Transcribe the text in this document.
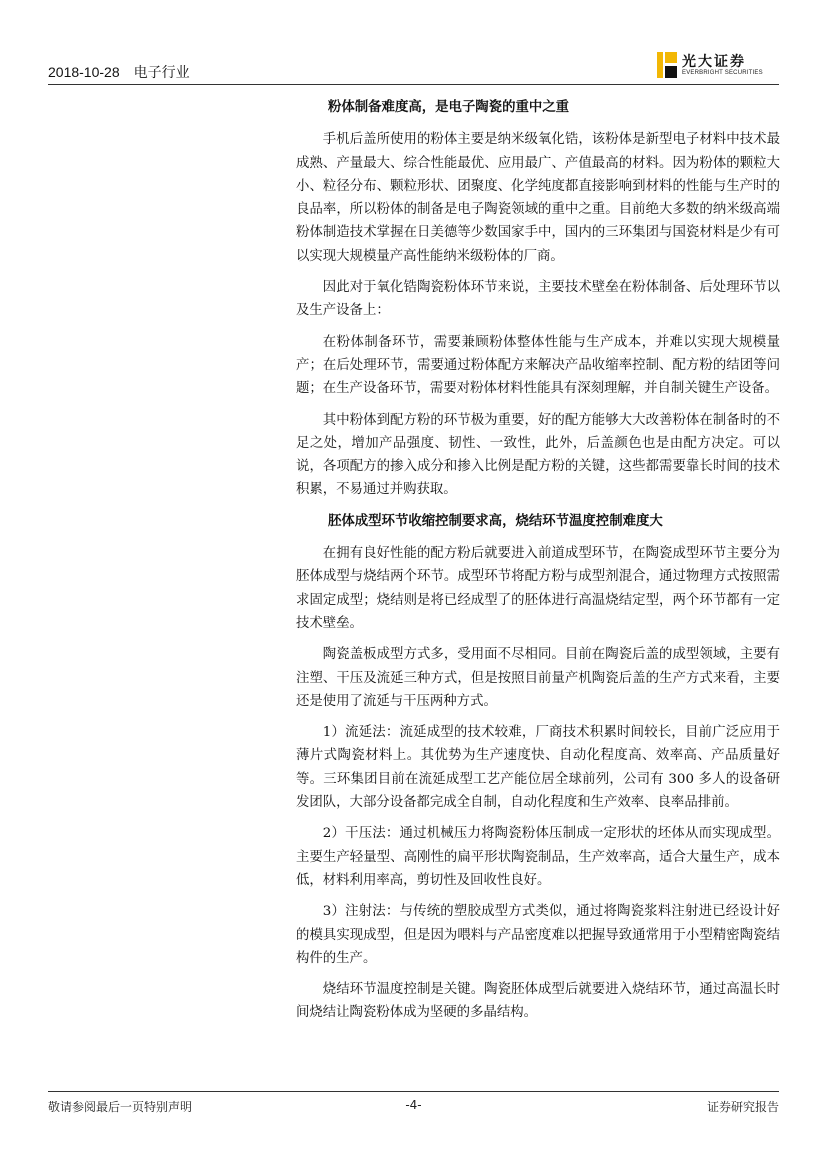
2018-10-28 电子行业
光大证券
EVERBRIGHT SECURITIES
粉体制备难度高，是电子陶瓷的重中之重

手机后盖所使用的粉体主要是纳米级氧化锆，该粉体是新型电子材料中技术最成熟、产量最大、综合性能最优、应用最广、产值最高的材料。因为粉体的颗粒大小、粒径分布、颗粒形状、团聚度、化学纯度都直接影响到材料的性能与生产时的良品率，所以粉体的制备是电子陶瓷领域的重中之重。目前绝大多数的纳米级高端粉体制造技术掌握在日美德等少数国家手中，国内的三环集团与国瓷材料是少有可以实现大规模量产高性能纳米级粉体的厂商。

因此对于氧化锆陶瓷粉体环节来说，主要技术壁垒在粉体制备、后处理环节以及生产设备上：

在粉体制备环节，需要兼顾粉体整体性能与生产成本，并难以实现大规模量产；在后处理环节，需要通过粉体配方来解决产品收缩率控制、配方粉的结团等问题；在生产设备环节，需要对粉体材料性能具有深刻理解，并自制关键生产设备。

其中粉体到配方粉的环节极为重要，好的配方能够大大改善粉体在制备时的不足之处，增加产品强度、韧性、一致性，此外，后盖颜色也是由配方决定。可以说，各项配方的掺入成分和掺入比例是配方粉的关键，这些都需要靠长时间的技术积累，不易通过并购获取。

胚体成型环节收缩控制要求高，烧结环节温度控制难度大

在拥有良好性能的配方粉后就要进入前道成型环节，在陶瓷成型环节主要分为胚体成型与烧结两个环节。成型环节将配方粉与成型剂混合，通过物理方式按照需求固定成型；烧结则是将已经成型了的胚体进行高温烧结定型，两个环节都有一定技术壁垒。

陶瓷盖板成型方式多，受用面不尽相同。目前在陶瓷后盖的成型领域，主要有注塑、干压及流延三种方式，但是按照目前量产机陶瓷后盖的生产方式来看，主要还是使用了流延与干压两种方式。

1）流延法：流延成型的技术较难，厂商技术积累时间较长，目前广泛应用于薄片式陶瓷材料上。其优势为生产速度快、自动化程度高、效率高、产品质量好等。三环集团目前在流延成型工艺产能位居全球前列，公司有 300 多人的设备研发团队，大部分设备都完成全自制，自动化程度和生产效率、良率品排前。

2）干压法：通过机械压力将陶瓷粉体压制成一定形状的坯体从而实现成型。主要生产轻量型、高刚性的扁平形状陶瓷制品，生产效率高，适合大量生产，成本低，材料利用率高，剪切性及回收性良好。

3）注射法：与传统的塑胶成型方式类似，通过将陶瓷浆料注射进已经设计好的模具实现成型，但是因为喂料与产品密度难以把握导致通常用于小型精密陶瓷结构件的生产。

烧结环节温度控制是关键。陶瓷胚体成型后就要进入烧结环节，通过高温长时间烧结让陶瓷粉体成为坚硬的多晶结构。

敬请参阅最后一页特别声明	-4-	证券研究报告
